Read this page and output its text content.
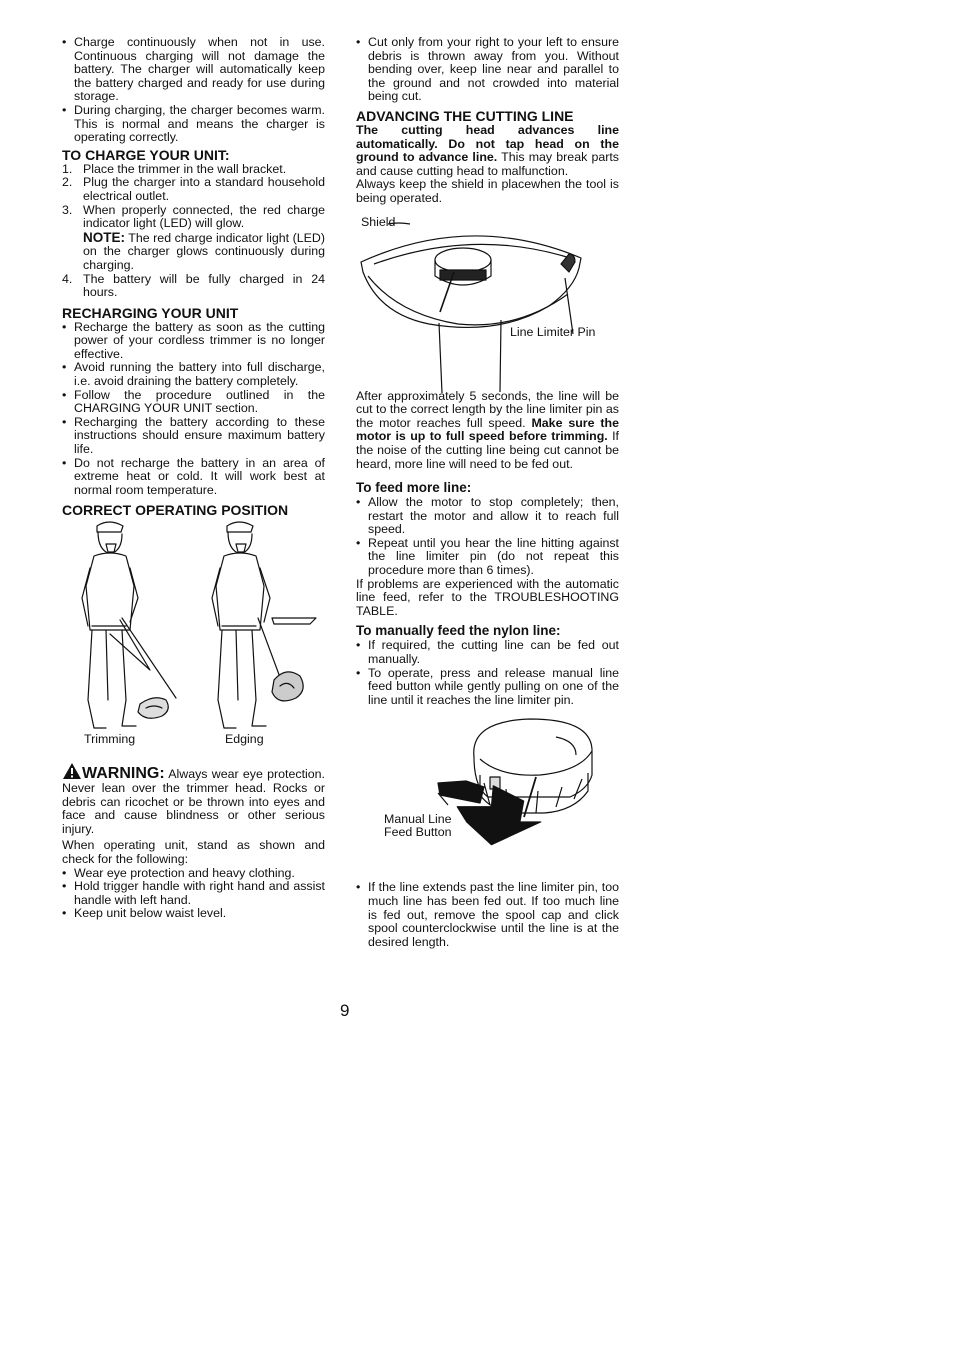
• Charge continuously when not in use. Continuous charging will not damage the battery. The charger will automatically keep the battery charged and ready for use during storage.
• During charging, the charger becomes warm. This is normal and means the charger is operating correctly.
TO CHARGE YOUR UNIT:
1. Place the trimmer in the wall bracket.
2. Plug the charger into a standard household electrical outlet.
3. When properly connected, the red charge indicator light (LED) will glow.

NOTE: The red charge indicator light (LED) on the charger glows continuously during charging.

4. The battery will be fully charged in 24 hours.
RECHARGING YOUR UNIT
• Recharge the battery as soon as the cutting power of your cordless trimmer is no longer effective.
• Avoid running the battery into full discharge, i.e. avoid draining the battery completely.
• Follow the procedure outlined in the CHARGING YOUR UNIT section.
• Recharging the battery according to these instructions should ensure maximum battery life.
• Do not recharge the battery in an area of extreme heat or cold. It will work best at normal room temperature.
CORRECT OPERATING POSITION
Trimming	Edging

WARNING: Always wear eye protection. Never lean over the trimmer head. Rocks or debris can ricochet or be thrown into eyes and face and cause blindness or other serious injury.

When operating unit, stand as shown and check for the following:

• Wear eye protection and heavy clothing.
• Hold trigger handle with right hand and assist handle with left hand.
• Keep unit below waist level.
• Cut only from your right to your left to ensure debris is thrown away from you. Without bending over, keep line near and parallel to the ground and not crowded into material being cut.
ADVANCING THE CUTTING LINE

The cutting head advances line automatically. Do not tap head on the ground to advance line. This may break parts and cause cutting head to malfunction.

Always keep the shield in placewhen the tool is being operated.

Shield
Line Limiter Pin

After approximately 5 seconds, the line will be cut to the correct length by the line limiter pin as the motor reaches full speed. Make sure the motor is up to full speed before trimming. If the noise of the cutting line being cut cannot be heard, more line will need to be fed out.

To feed more line:
• Allow the motor to stop completely; then, restart the motor and allow it to reach full speed.
• Repeat until you hear the line hitting against the line limiter pin (do not repeat this procedure more than 6 times).

If problems are experienced with the automatic line feed, refer to the TROUBLESHOOTING TABLE.

To manually feed the nylon line:
• If required, the cutting line can be fed out manually.
• To operate, press and release manual line feed button while gently pulling on one of the line until it reaches the line limiter pin.
Manual Line
Feed Button
• If the line extends past the line limiter pin, too much line has been fed out. If too much line is fed out, remove the spool cap and click spool counterclockwise until the line is at the desired length.
9
